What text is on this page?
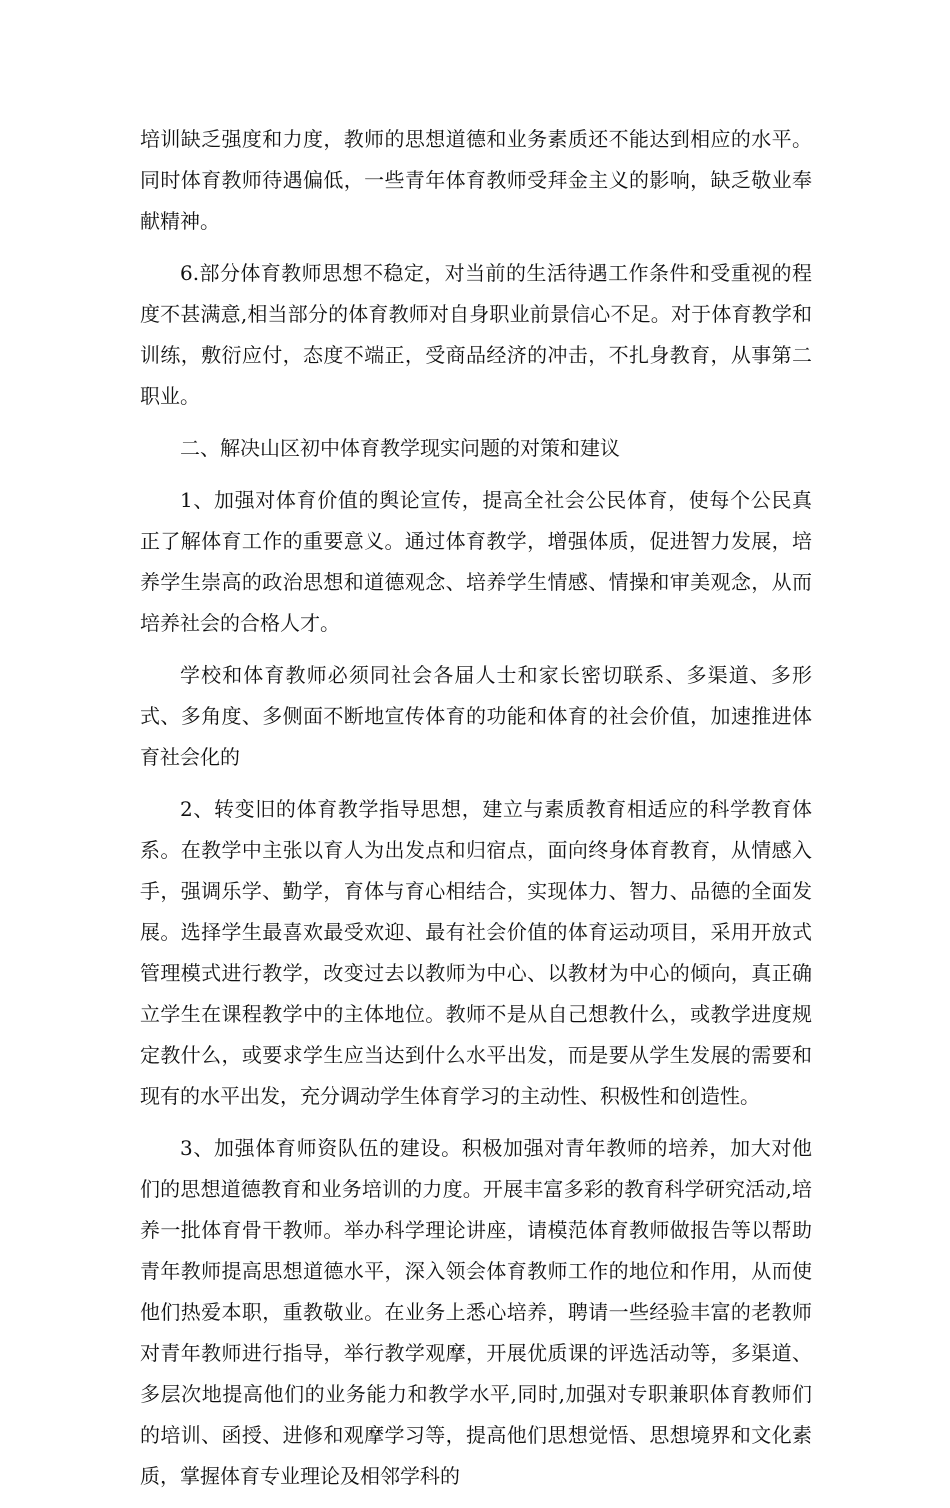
培训缺乏强度和力度，教师的思想道德和业务素质还不能达到相应的水平。同时体育教师待遇偏低，一些青年体育教师受拜金主义的影响，缺乏敬业奉献精神。

6.部分体育教师思想不稳定，对当前的生活待遇工作条件和受重视的程度不甚满意,相当部分的体育教师对自身职业前景信心不足。对于体育教学和训练，敷衍应付，态度不端正，受商品经济的冲击，不扎身教育，从事第二职业。

二、解决山区初中体育教学现实问题的对策和建议

1、加强对体育价值的舆论宣传，提高全社会公民体育，使每个公民真正了解体育工作的重要意义。通过体育教学，增强体质，促进智力发展，培养学生崇高的政治思想和道德观念、培养学生情感、情操和审美观念，从而培养社会的合格人才。

学校和体育教师必须同社会各届人士和家长密切联系、多渠道、多形式、多角度、多侧面不断地宣传体育的功能和体育的社会价值，加速推进体育社会化的

2、转变旧的体育教学指导思想，建立与素质教育相适应的科学教育体系。在教学中主张以育人为出发点和归宿点，面向终身体育教育，从情感入手，强调乐学、勤学，育体与育心相结合，实现体力、智力、品德的全面发展。选择学生最喜欢最受欢迎、最有社会价值的体育运动项目，采用开放式管理模式进行教学，改变过去以教师为中心、以教材为中心的倾向，真正确立学生在课程教学中的主体地位。教师不是从自己想教什么，或教学进度规定教什么，或要求学生应当达到什么水平出发，而是要从学生发展的需要和现有的水平出发，充分调动学生体育学习的主动性、积极性和创造性。

3、加强体育师资队伍的建设。积极加强对青年教师的培养，加大对他们的思想道德教育和业务培训的力度。开展丰富多彩的教育科学研究活动,培养一批体育骨干教师。举办科学理论讲座，请模范体育教师做报告等以帮助青年教师提高思想道德水平，深入领会体育教师工作的地位和作用，从而使他们热爱本职，重教敬业。在业务上悉心培养，聘请一些经验丰富的老教师对青年教师进行指导，举行教学观摩，开展优质课的评选活动等，多渠道、多层次地提高他们的业务能力和教学水平,同时,加强对专职兼职体育教师们的培训、函授、进修和观摩学习等，提高他们思想觉悟、思想境界和文化素质，掌握体育专业理论及相邻学科的
